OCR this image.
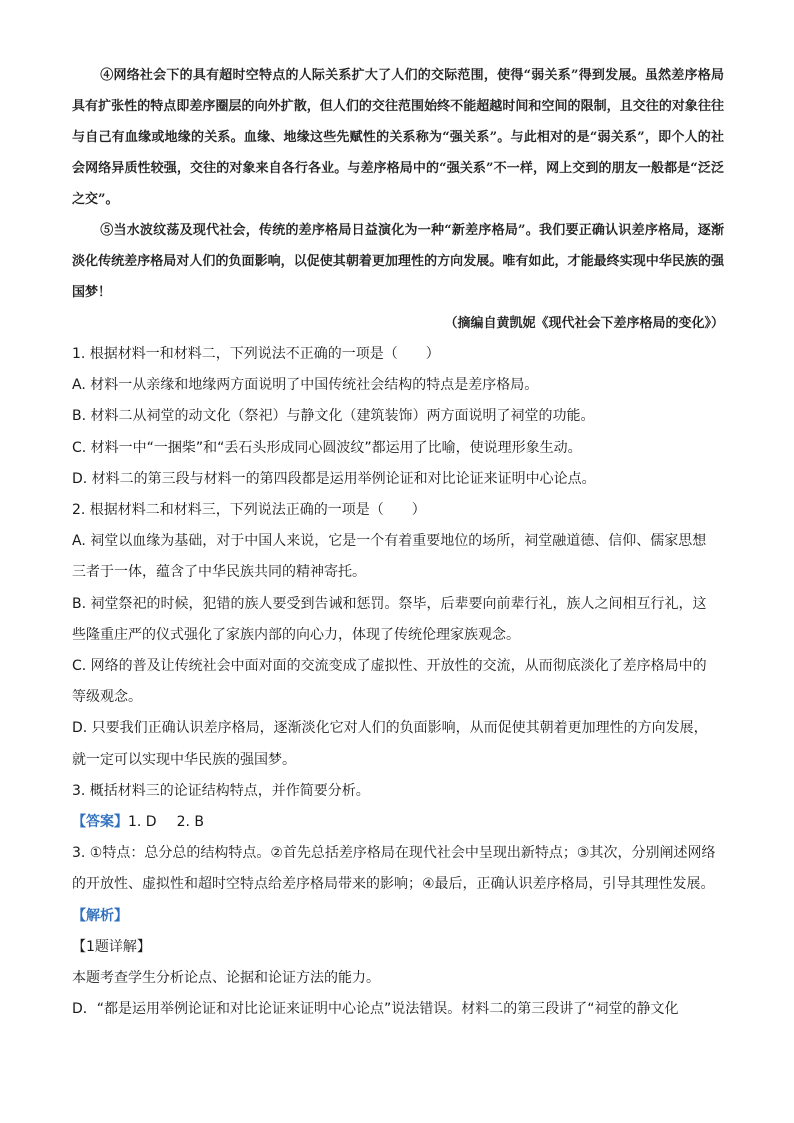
④网络社会下的具有超时空特点的人际关系扩大了人们的交际范围，使得“弱关系”得到发展。虽然差序格局具有扩张性的特点即差序圈层的向外扩散，但人们的交往范围始终不能超越时间和空间的限制，且交往的对象往往与自己有血缘或地缘的关系。血缘、地缘这些先赋性的关系称为“强关系”。与此相对的是“弱关系”，即个人的社会网络异质性较强，交往的对象来自各行各业。与差序格局中的“强关系”不一样，网上交到的朋友一般都是“泛泛之交”。

⑤当水波纹荡及现代社会，传统的差序格局日益演化为一种“新差序格局”。我们要正确认识差序格局，逐渐淡化传统差序格局对人们的负面影响，以促使其朝着更加理性的方向发展。唯有如此，才能最终实现中华民族的强国梦！

（摘编自黄凯妮《现代社会下差序格局的变化》）

1. 根据材料一和材料二，下列说法不正确的一项是（　　）

A. 材料一从亲缘和地缘两方面说明了中国传统社会结构的特点是差序格局。

B. 材料二从祠堂的动文化（祭祀）与静文化（建筑装饰）两方面说明了祠堂的功能。

C. 材料一中“一捆柴”和“丢石头形成同心圆波纹”都运用了比喻，使说理形象生动。

D. 材料二的第三段与材料一的第四段都是运用举例论证和对比论证来证明中心论点。

2. 根据材料二和材料三，下列说法正确的一项是（　　）

A. 祠堂以血缘为基础，对于中国人来说，它是一个有着重要地位的场所，祠堂融道德、信仰、儒家思想

三者于一体，蕴含了中华民族共同的精神寄托。

B. 祠堂祭祀的时候，犯错的族人要受到告诫和惩罚。祭毕，后辈要向前辈行礼，族人之间相互行礼，这

些隆重庄严的仪式强化了家族内部的向心力，体现了传统伦理家族观念。

C. 网络的普及让传统社会中面对面的交流变成了虚拟性、开放性的交流，从而彻底淡化了差序格局中的

等级观念。

D. 只要我们正确认识差序格局，逐渐淡化它对人们的负面影响，从而促使其朝着更加理性的方向发展，

就一定可以实现中华民族的强国梦。

3. 概括材料三的论证结构特点，并作简要分析。

【答案】1. D 2. B

3. ①特点：总分总的结构特点。②首先总括差序格局在现代社会中呈现出新特点；③其次，分别阐述网络

的开放性、虚拟性和超时空特点给差序格局带来的影响；④最后，正确认识差序格局，引导其理性发展。

【解析】

【1题详解】

本题考查学生分析论点、论据和论证方法的能力。

D．“都是运用举例论证和对比论证来证明中心论点”说法错误。材料二的第三段讲了“祠堂的静文化
